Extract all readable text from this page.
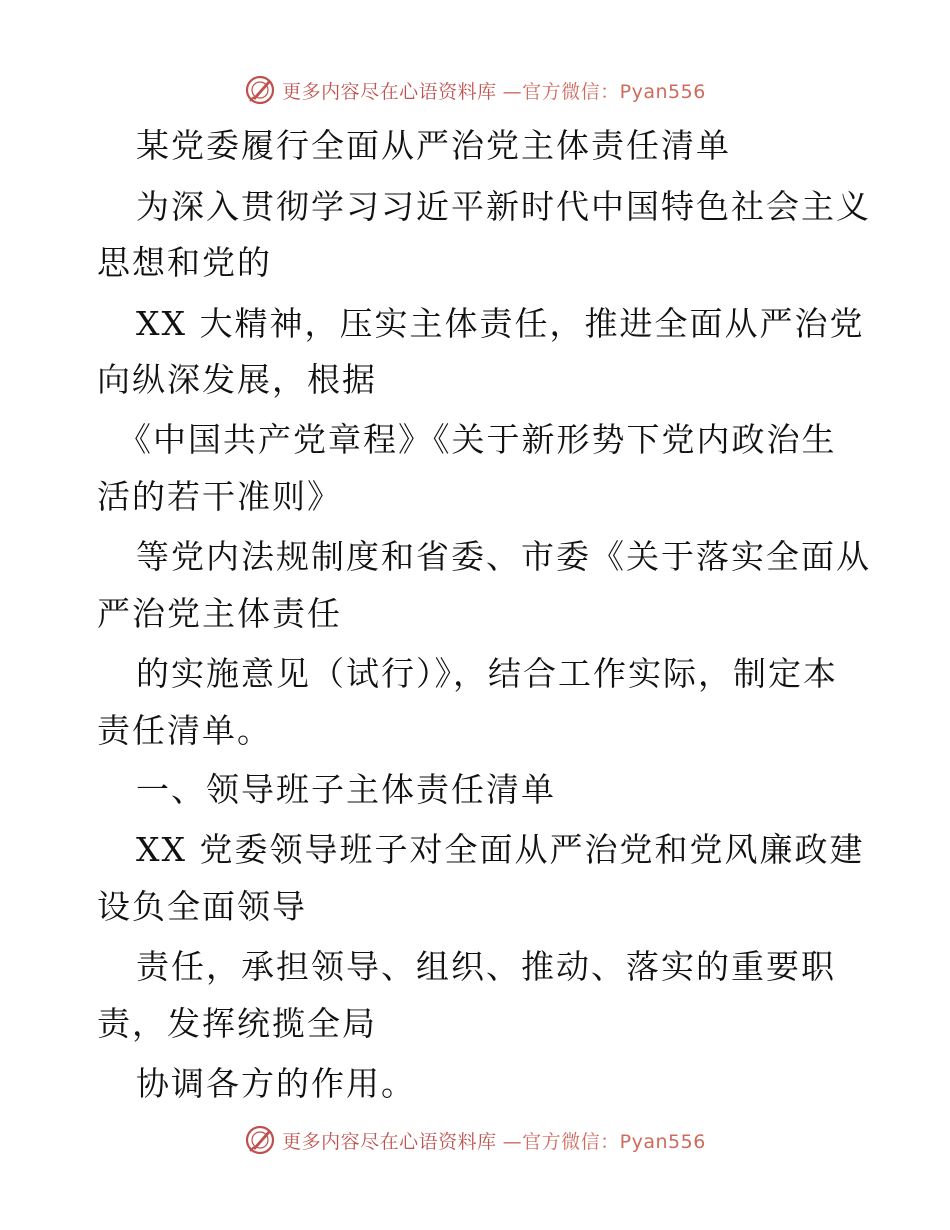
更多内容尽在心语资料库 —官方微信：Pyan556
某党委履行全面从严治党主体责任清单
为深入贯彻学习习近平新时代中国特色社会主义
思想和党的
XX 大精神，压实主体责任，推进全面从严治党
向纵深发展，根据
《中国共产党章程》《关于新形势下党内政治生
活的若干准则》
等党内法规制度和省委、市委《关于落实全面从
严治党主体责任
的实施意见（试行）》，结合工作实际，制定本
责任清单。
一、领导班子主体责任清单
XX 党委领导班子对全面从严治党和党风廉政建
设负全面领导
责任，承担领导、组织、推动、落实的重要职
责，发挥统揽全局
协调各方的作用。
更多内容尽在心语资料库 —官方微信：Pyan556
